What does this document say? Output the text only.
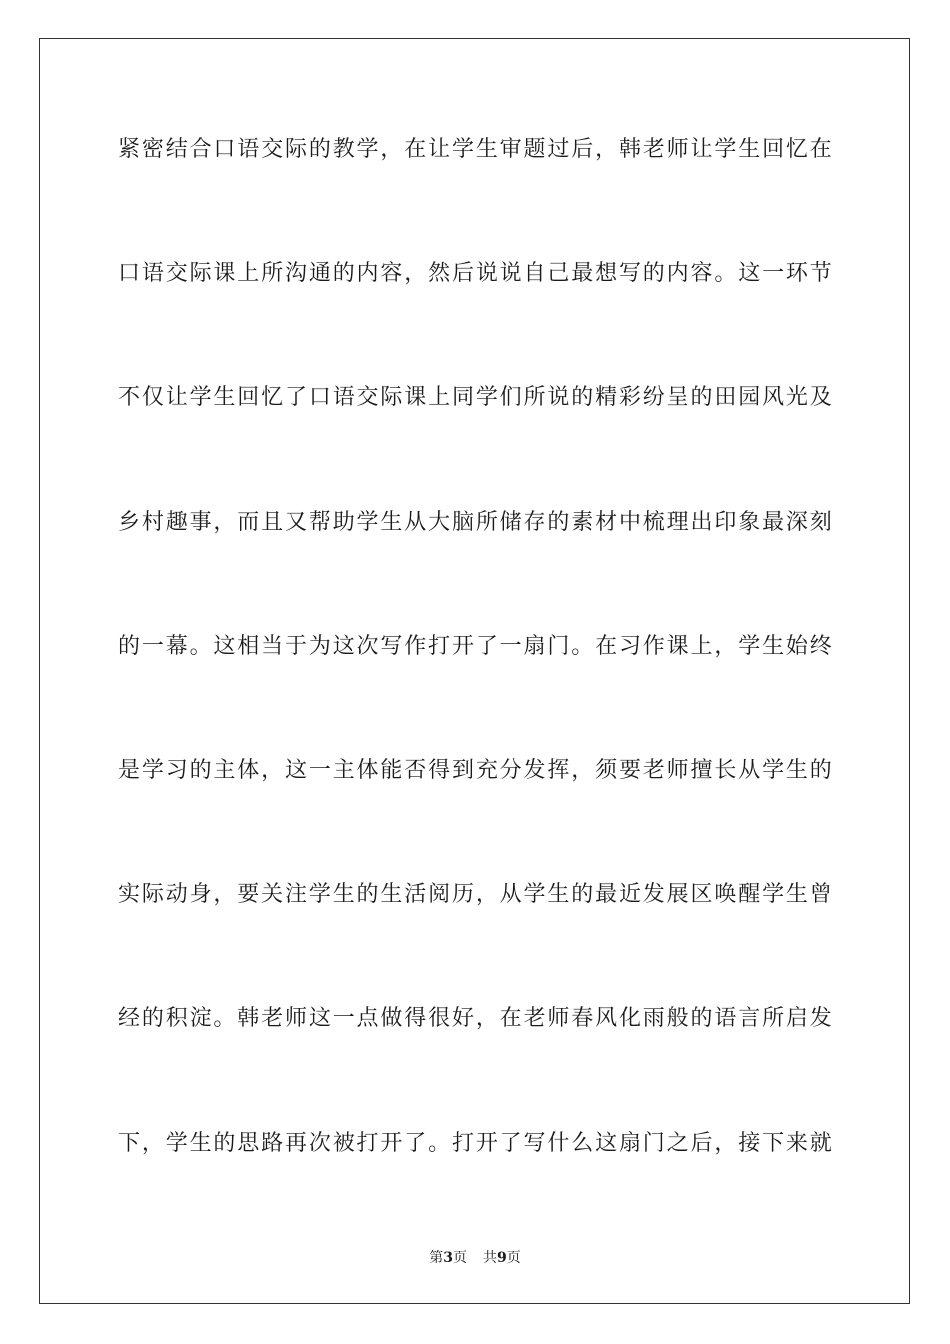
紧密结合口语交际的教学，在让学生审题过后，韩老师让学生回忆在
口语交际课上所沟通的内容，然后说说自己最想写的内容。这一环节
不仅让学生回忆了口语交际课上同学们所说的精彩纷呈的田园风光及
乡村趣事，而且又帮助学生从大脑所储存的素材中梳理出印象最深刻
的一幕。这相当于为这次写作打开了一扇门。在习作课上，学生始终
是学习的主体，这一主体能否得到充分发挥，须要老师擅长从学生的
实际动身，要关注学生的生活阅历，从学生的最近发展区唤醒学生曾
经的积淀。韩老师这一点做得很好，在老师春风化雨般的语言所启发
下，学生的思路再次被打开了。打开了写什么这扇门之后，接下来就
第3页 共9页
